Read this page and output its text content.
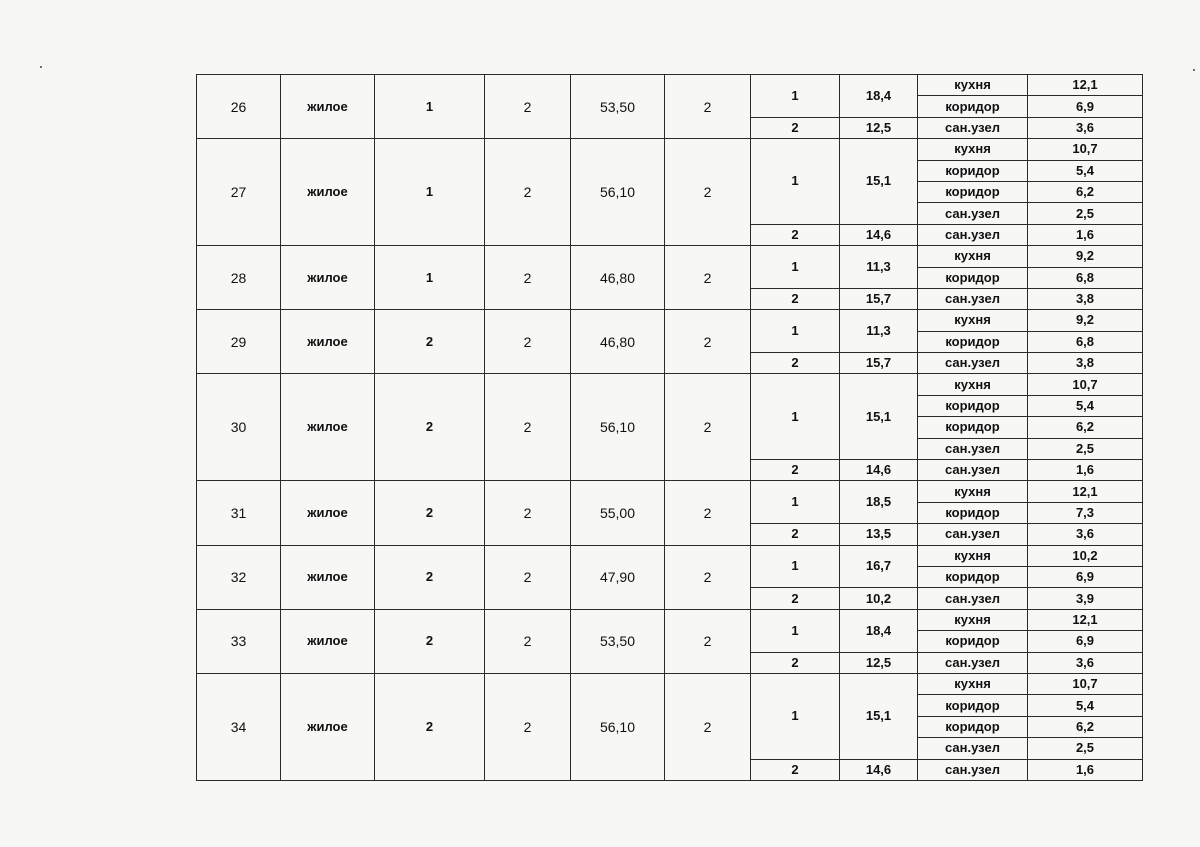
26	жилое	1	2	53,50	2	1	18,4	кухня	12,1
								коридор	6,9
						2	12,5	сан.узел	3,6
27	жилое	1	2	56,10	2	1	15,1	кухня	10,7
								коридор	5,4
								коридор	6,2
								сан.узел	2,5
						2	14,6	сан.узел	1,6
28	жилое	1	2	46,80	2	1	11,3	кухня	9,2
								коридор	6,8
						2	15,7	сан.узел	3,8
29	жилое	2	2	46,80	2	1	11,3	кухня	9,2
								коридор	6,8
						2	15,7	сан.узел	3,8
30	жилое	2	2	56,10	2	1	15,1	кухня	10,7
								коридор	5,4
								коридор	6,2
								сан.узел	2,5
						2	14,6	сан.узел	1,6
31	жилое	2	2	55,00	2	1	18,5	кухня	12,1
								коридор	7,3
						2	13,5	сан.узел	3,6
32	жилое	2	2	47,90	2	1	16,7	кухня	10,2
								коридор	6,9
						2	10,2	сан.узел	3,9
33	жилое	2	2	53,50	2	1	18,4	кухня	12,1
								коридор	6,9
						2	12,5	сан.узел	3,6
34	жилое	2	2	56,10	2	1	15,1	кухня	10,7
								коридор	5,4
								коридор	6,2
								сан.узел	2,5
						2	14,6	сан.узел	1,6
